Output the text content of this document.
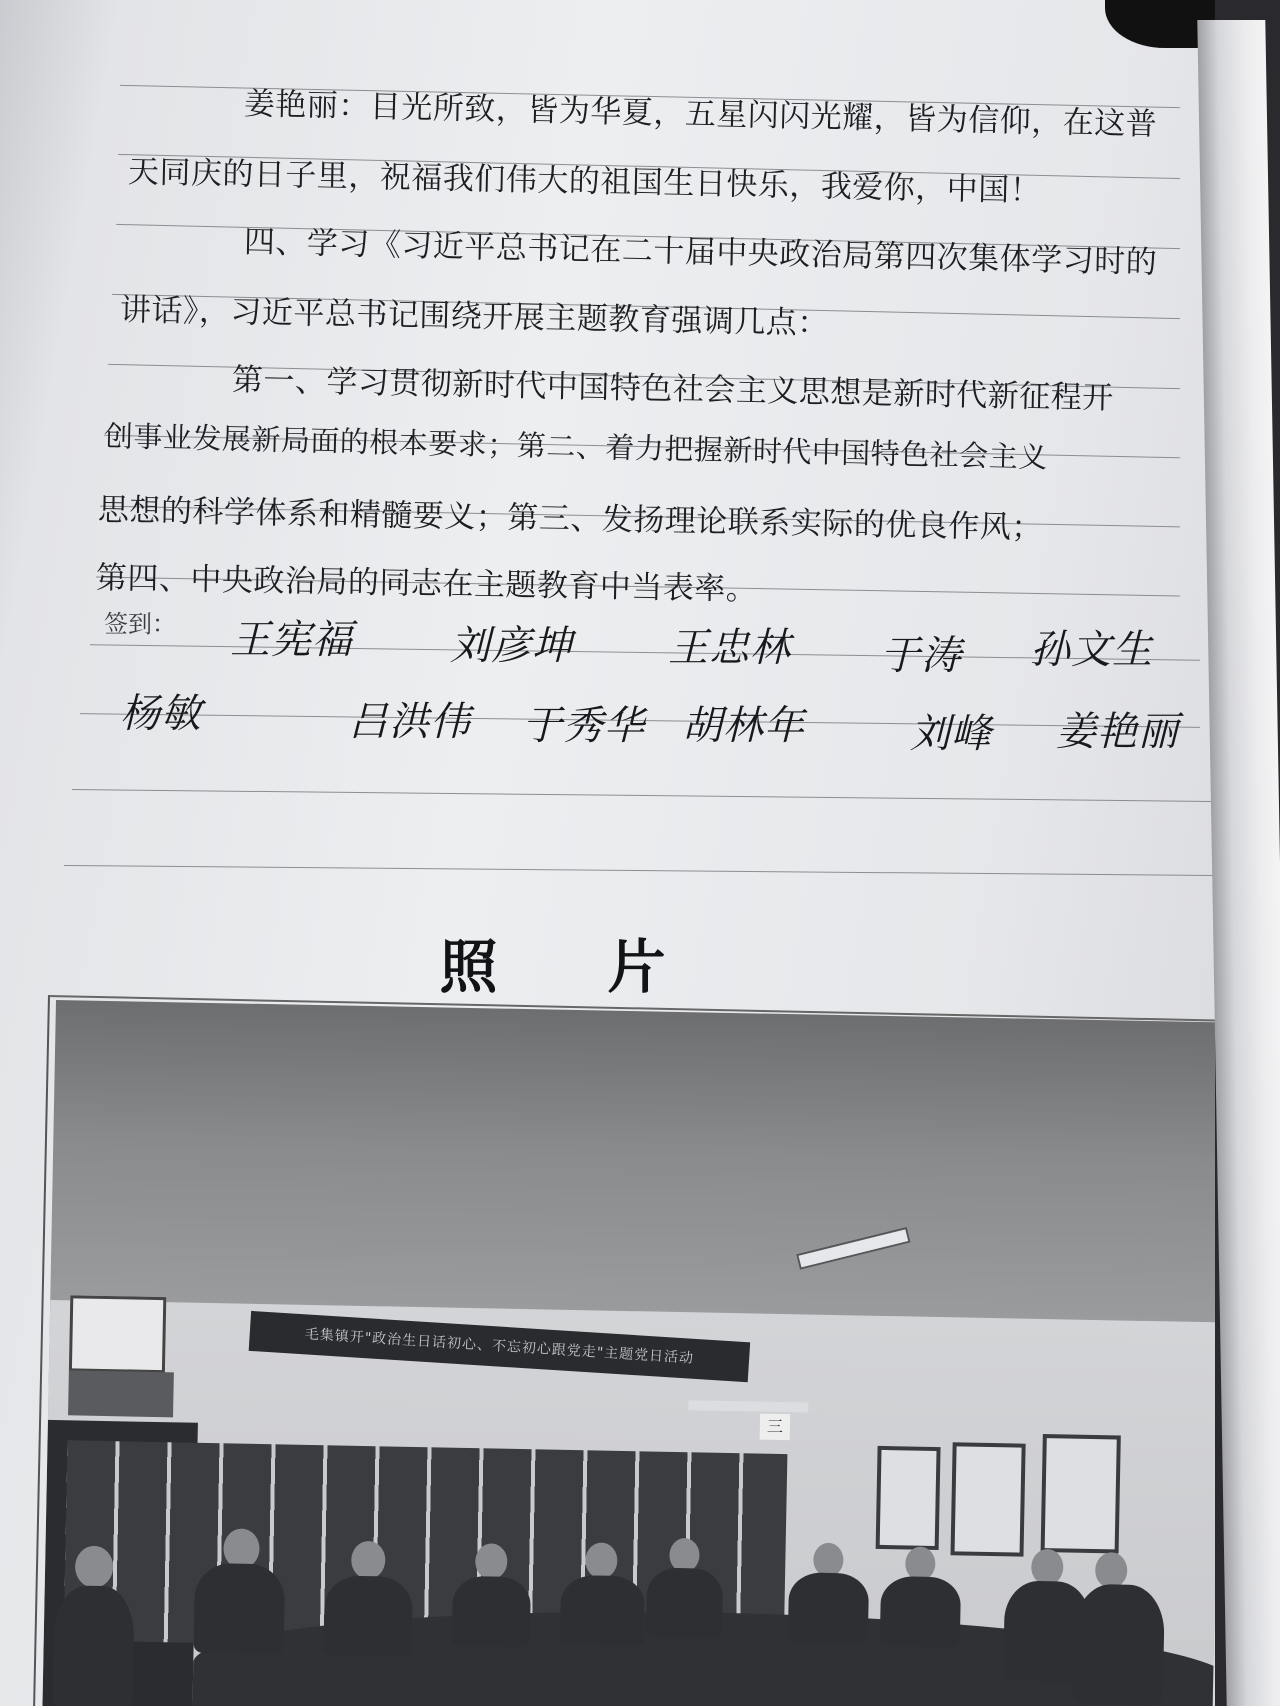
姜艳丽：目光所致，皆为华夏，五星闪闪光耀，皆为信仰，在这普
天同庆的日子里，祝福我们伟大的祖国生日快乐，我爱你，中国！
四、学习《习近平总书记在二十届中央政治局第四次集体学习时的
讲话》，习近平总书记围绕开展主题教育强调几点：
第一、学习贯彻新时代中国特色社会主义思想是新时代新征程开
创事业发展新局面的根本要求；第二、着力把握新时代中国特色社会主义
思想的科学体系和精髓要义；第三、发扬理论联系实际的优良作风；
第四、中央政治局的同志在主题教育中当表率。
签到： 王宪福 刘彦坤 王忠林 于涛 孙文生
杨敏	吕洪伟 于秀华 胡林年	刘峰 姜艳丽
照片
毛集镇开"政治生日话初心、不忘初心跟党走"主题党日活动
三
